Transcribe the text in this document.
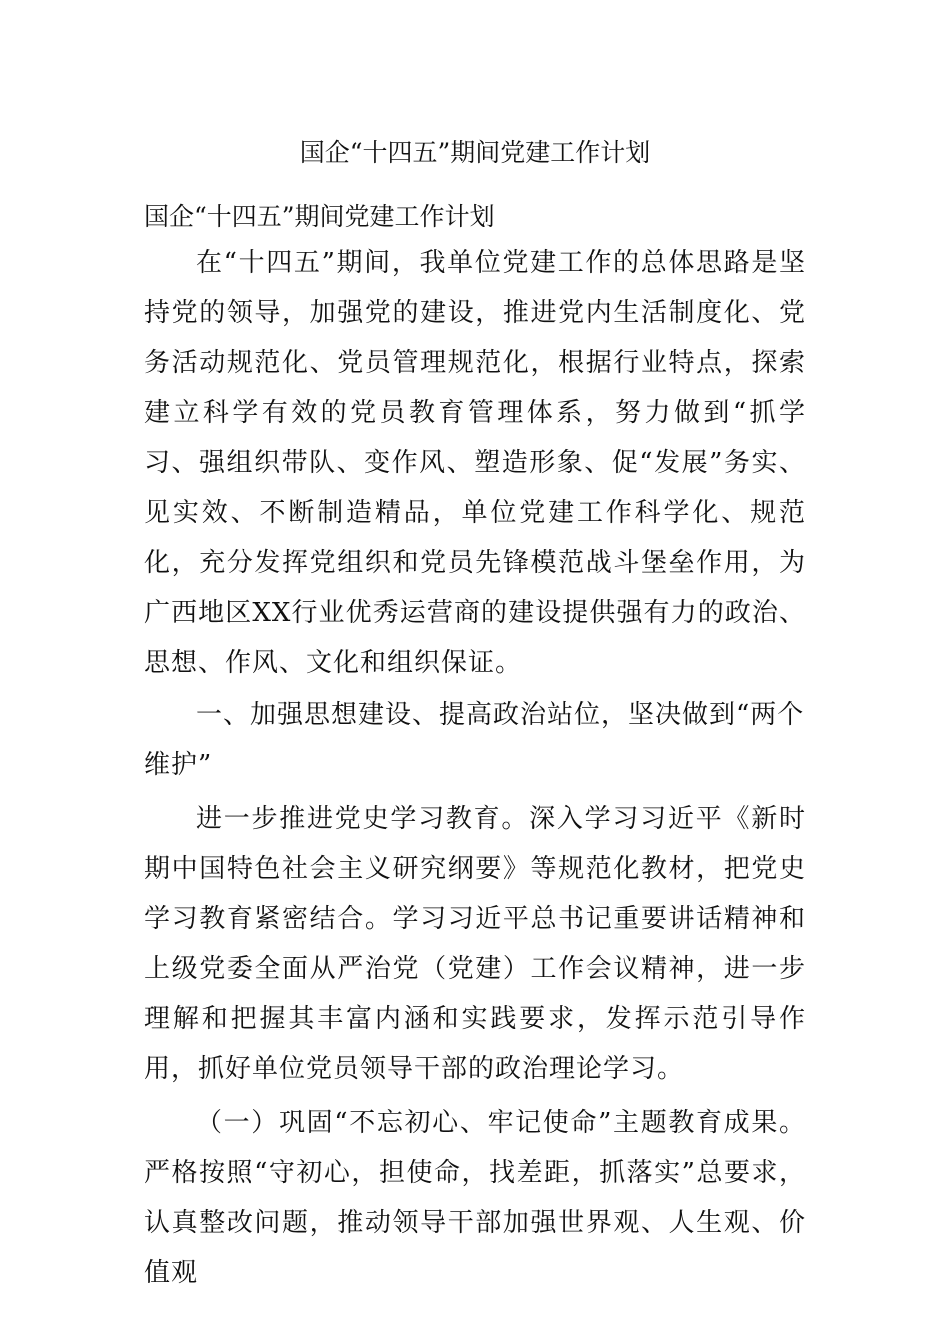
国企“十四五”期间党建工作计划

国企“十四五”期间党建工作计划

在“十四五”期间，我单位党建工作的总体思路是坚持党的领导，加强党的建设，推进党内生活制度化、党务活动规范化、党员管理规范化，根据行业特点，探索建立科学有效的党员教育管理体系，努力做到“抓学习、强组织带队、变作风、塑造形象、促“发展”务实、见实效、不断制造精品，单位党建工作科学化、规范化，充分发挥党组织和党员先锋模范战斗堡垒作用，为广西地区XX行业优秀运营商的建设提供强有力的政治、思想、作风、文化和组织保证。

一、加强思想建设、提高政治站位，坚决做到“两个维护”

进一步推进党史学习教育。深入学习习近平《新时期中国特色社会主义研究纲要》等规范化教材，把党史学习教育紧密结合。学习习近平总书记重要讲话精神和上级党委全面从严治党（党建）工作会议精神，进一步理解和把握其丰富内涵和实践要求，发挥示范引导作用，抓好单位党员领导干部的政治理论学习。

（一）巩固“不忘初心、牢记使命”主题教育成果。严格按照“守初心，担使命，找差距，抓落实”总要求，认真整改问题，推动领导干部加强世界观、人生观、价值观
